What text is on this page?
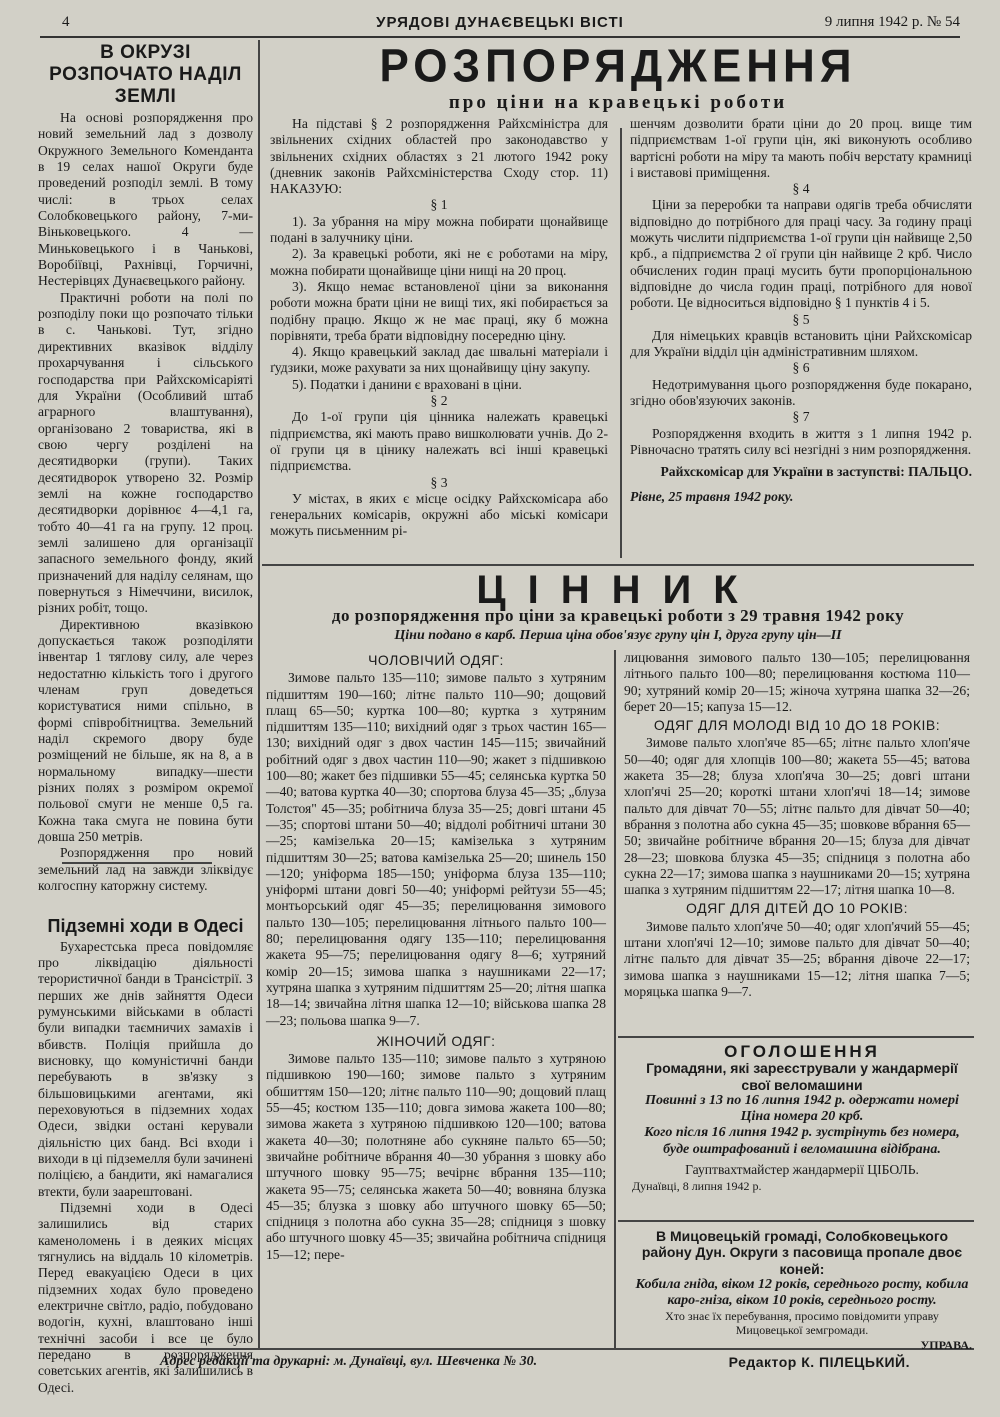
4	УРЯДОВІ ДУНАЄВЕЦЬКІ ВІСТІ	9 липня 1942 р. № 54
В ОКРУЗІ РОЗПОЧАТО НАДІЛ ЗЕМЛІ

На основі розпорядження про новий земельний лад з дозволу Окружного Земельного Коменданта в 19 селах нашої Округи буде проведений розподіл землі. В тому числі: в трьох селах Солобковецького району, 7-ми-Віньковецького. 4 — Миньковецького і в Чаньковi, Воробіївці, Рахнівці, Горчичні, Нестерівцях Дунаєвецького району.

Практичні роботи на полі по розподілу поки що розпочато тільки в с. Чаньковi. Тут, згідно директивних вказівок відділу прохарчування і сільського господарства при Райхскомісаріяті для України (Особливий штаб аграрного влаштування), організовано 2 товариства, які в свою чергу розділені на десятидворки (групи). Таких десятидворок утворено 32. Розмір землі на кожне господарство десятидворки дорівнює 4—4,1 га, тобто 40—41 га на групу. 12 проц. землі залишено для організації запасного земельного фонду, який призначений для наділу селянам, що повернуться з Німеччини, висилок, різних робіт, тощо.

Директивною вказівкою допускається також розподіляти інвентар 1 тяглову силу, але через недостатню кількість того і другого членам груп доведеться користуватися ними спільно, в формі співробітництва. Земельний наділ скремого двору буде розміщений не більше, як на 8, а в нормальному випадку—шести різних полях з розміром окремої польової смуги не менше 0,5 га. Кожна така смуга не повина бути довша 250 метрів.

Розпорядження про новий земельний лад на завжди зліквідує колгоспну каторжну систему.

Підземні ходи в Одесі

Бухарестська преса повідомляє про ліквідацію діяльності терористичної банди в Трансістрії. З перших же днів зайняття Одеси румунськими військами в області були випадки таємничих замахів і вбивств. Поліція прийшла до висновку, що комуністичні банди перебувають в зв'язку з більшовицькими агентами, які переховуються в підземних ходах Одеси, звідки остані керували діяльністю цих банд. Всі входи і виходи в ці підземелля були зачинені поліцією, а бандити, які намагалися втекти, були заарештовані.

Підземні ходи в Одесі залишились від старих каменоломень і в деяких місцях тягнулись на віддаль 10 кілометрів. Перед евакуацією Одеси в цих підземних ходах було проведено електричне світло, радіо, побудовано водогін, кухні, влаштовано інші технічні засоби і все це було передано в розпорядження советських агентів, які залишились в Одесі.

РОЗПОРЯДЖЕННЯ
про ціни на кравецькі роботи

На підставі § 2 розпорядження Райхсміністра для звільнених східних областей про законодавство у звільнених східних областях з 21 лютого 1942 року (дневник законів Райхсміністерства Сходу стор. 11) НАКАЗУЮ:

§ 1

1). За убрання на міру можна побирати щонайвище подані в залучнику ціни.

2). За кравецькі роботи, які не є роботами на міру, можна побирати щонайвище ціни нищі на 20 проц.

3). Якщо немає встановленої ціни за виконання роботи можна брати ціни не вищі тих, які побирається за подібну працю. Якщо ж не має праці, яку б можна порівняти, треба брати відповідну посередню ціну.

4). Якщо кравецький заклад дає швальні матеріали і ґудзики, може рахувати за них щонайвищу ціну закупу.

5). Податки і данини є враховані в ціни.

§ 2

До 1-ої групи ція цінника належать кравецькі підприємства, які мають право вишколювати учнів. До 2-ої групи ця в цінику належать всі інші кравецькі підприємства.

§ 3

У містах, в яких є місце осідку Райхскомісара або генеральних комісарів, окружні або міські комісари можуть письменним рі-

шенчям дозволити брати ціни до 20 проц. вище тим підприємствам 1-ої групи цін, які виконують особливо вартісні роботи на міру та мають побіч верстату крамниці і виставові приміщення.
§ 4

Ціни за переробки та направи одягів треба обчисляти відповідно до потрібного для праці часу. За годину праці можуть числити підприємства 1-ої групи цін найвище 2,50 крб., а підприємства 2 ої групи цін найвище 2 крб. Число обчислених годин праці мусить бути пропорціональною відповідне до числа годин праці, потрібного для нової роботи. Це відноситься відповідно § 1 пунктів 4 і 5.

§ 5

Для німецьких кравців встановить ціни Райхскомісар для України відділ цін адміністративним шляхом.

§ 6

Недотримування цього розпорядження буде покарано, згідно обов'язуючих законів.

§ 7

Розпорядження входить в життя з 1 липня 1942 р. Рівночасно тратять силу всі незгідні з ним розпорядження.

Райхскомісар для України в заступстві: ПАЛЬЦО.
Рівне, 25 травня 1942 року.
ЦІННИК
до розпорядження про ціни за кравецькі роботи з 29 травня 1942 року
Ціни подано в карб. Перша ціна обов'язує групу цін І, друга групу цін—ІІ
ЧОЛОВІЧИЙ ОДЯГ:

Зимове пальто 135—110; зимове пальто з хутряним підшиттям 190—160; літнє пальто 110—90; дощовий плащ 65—50; куртка 100—80; куртка з хутряним підшиттям 135—110; вихідний одяг з трьох частин 165—130; вихідний одяг з двох частин 145—115; звичайний робітний одяг з двох частин 110—90; жакет з підшивкою 100—80; жакет без підшивки 55—45; селянська куртка 50—40; ватова куртка 40—30; спортова блуза 45—35; „блуза Толстоя" 45—35; робітнича блуза 35—25; довгі штани 45—35; спортові штани 50—40; віддолі робітничі штани 30—25; камізелька 20—15; камізелька з хутряним підшиттям 30—25; ватова камізелька 25—20; шинель 150—120; уніформа 185—150; уніформа блуза 135—110; уніформі штани довгі 50—40; уніформі рейтузи 55—45; монтьорський одяг 45—35; перелицювання зимового пальто 130—105; перелицювання літнього пальто 100—80; перелицювання одягу 135—110; перелицювання жакета 95—75; перелицювання одягу 8—6; хутряний комір 20—15; зимова шапка з наушниками 22—17; хутряна шапка з хутряним підшиттям 25—20; літня шапка 18—14; звичайна літня шапка 12—10; військова шапка 28—23; польова шапка 9—7.

ЖІНОЧИЙ ОДЯГ:

Зимове пальто 135—110; зимове пальто з хутряною підшивкою 190—160; зимове пальто з хутряним обшиттям 150—120; літнє пальто 110—90; дощовий плащ 55—45; костюм 135—110; довга зимова жакета 100—80; зимова жакета з хутряною підшивкою 120—100; ватова жакета 40—30; полотняне або сукняне пальто 65—50; звичайне робітниче вбрання 40—30 убрання з шовку або штучного шовку 95—75; вечірнє вбрання 135—110; жакета 95—75; селянська жакета 50—40; вовняна блузка 45—35; блузка з шовку або штучного шовку 65—50; спідниця з полотна або сукна 35—28; спідниця з шовку або штучного шовку 45—35; звичайна робітнича спідниця 15—12; пере-

лицювання зимового пальто 130—105; перелицювання літнього пальто 100—80; перелицювання костюма 110—90; хутряний комір 20—15; жіноча хутряна шапка 32—26; берет 20—15; капуза 15—12.
ОДЯГ ДЛЯ МОЛОДІ ВІД 10 ДО 18 РОКІВ:

Зимове пальто хлоп'яче 85—65; літнє пальто хлоп'яче 50—40; одяг для хлопців 100—80; жакета 55—45; ватова жакета 35—28; блуза хлоп'яча 30—25; довгі штани хлоп'ячі 25—20; короткі штани хлоп'ячі 18—14; зимове пальто для дівчат 70—55; літнє пальто для дівчат 50—40; вбрання з полотна або сукна 45—35; шовкове вбрання 65—50; звичайне робітниче вбрання 20—15; блуза для дівчат 28—23; шовкова блузка 45—35; спідниця з полотна або сукна 22—17; зимова шапка з наушниками 20—15; хутряна шапка з хутряним підшиттям 22—17; літня шапка 10—8.

ОДЯГ ДЛЯ ДІТЕЙ ДО 10 РОКІВ:

Зимове пальто хлоп'яче 50—40; одяг хлоп'ячий 55—45; штани хлоп'ячі 12—10; зимове пальто для дівчат 50—40; літнє пальто для дівчат 35—25; вбрання дівоче 22—17; зимова шапка з наушниками 15—12; літня шапка 7—5; моряцька шапка 9—7.

ОГОЛОШЕННЯ
Громадяни, які зареєстрували у жандармерії свої веломашини
Повинні з 13 по 16 липня 1942 р. одержати номері Ціна номера 20 крб.
Кого після 16 липня 1942 р. зустрінуть без номера, буде оштрафований і веломашина відібрана.
Гауптвахтмайстер жандармерії ЦІБОЛЬ.
Дунаївці, 8 липня 1942 р.
В Мицовецькій громаді, Солобковецького району Дун. Округи з пасовища пропале двоє коней:
Кобила гнідa, віком 12 років, середнього росту, кобила каро-гніза, віком 10 років, середнього росту.
Хто знає їх перебування, просимо повідомити управу Мицовецької земгромади.
УПРАВА.
Адрес редакції та друкарні: м. Дунаївці, вул. Шевченка № 30.	Редактор К. ПІЛЕЦЬКИЙ.
